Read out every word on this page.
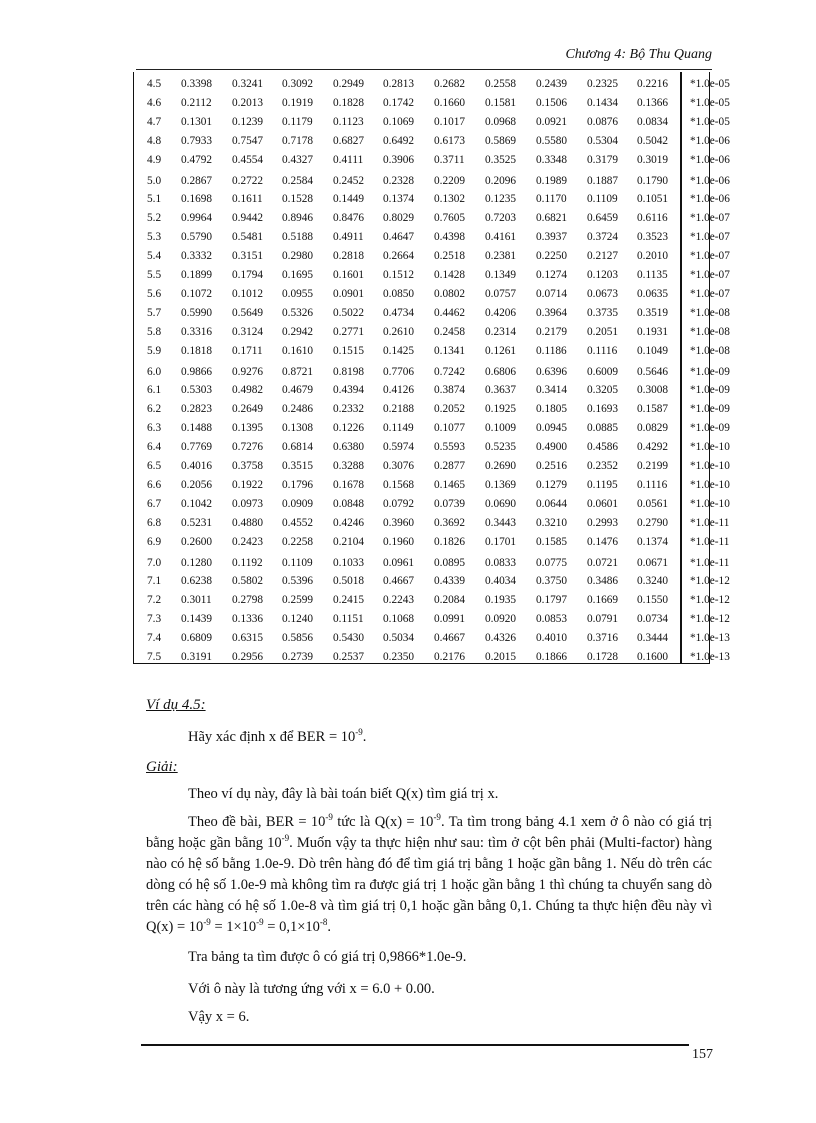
Chương 4: Bộ Thu Quang
4.5 0.3398 0.3241 0.3092 0.2949 0.2813 0.2682 0.2558 0.2439 0.2325 0.2216 *1.0e-05
4.6 0.2112 0.2013 0.1919 0.1828 0.1742 0.1660 0.1581 0.1506 0.1434 0.1366 *1.0e-05
4.7 0.1301 0.1239 0.1179 0.1123 0.1069 0.1017 0.0968 0.0921 0.0876 0.0834 *1.0e-05
4.8 0.7933 0.7547 0.7178 0.6827 0.6492 0.6173 0.5869 0.5580 0.5304 0.5042 *1.0e-06
4.9 0.4792 0.4554 0.4327 0.4111 0.3906 0.3711 0.3525 0.3348 0.3179 0.3019 *1.0e-06
5.0 0.2867 0.2722 0.2584 0.2452 0.2328 0.2209 0.2096 0.1989 0.1887 0.1790 *1.0e-06
5.1 0.1698 0.1611 0.1528 0.1449 0.1374 0.1302 0.1235 0.1170 0.1109 0.1051 *1.0e-06
5.2 0.9964 0.9442 0.8946 0.8476 0.8029 0.7605 0.7203 0.6821 0.6459 0.6116 *1.0e-07
5.3 0.5790 0.5481 0.5188 0.4911 0.4647 0.4398 0.4161 0.3937 0.3724 0.3523 *1.0e-07
5.4 0.3332 0.3151 0.2980 0.2818 0.2664 0.2518 0.2381 0.2250 0.2127 0.2010 *1.0e-07
5.5 0.1899 0.1794 0.1695 0.1601 0.1512 0.1428 0.1349 0.1274 0.1203 0.1135 *1.0e-07
5.6 0.1072 0.1012 0.0955 0.0901 0.0850 0.0802 0.0757 0.0714 0.0673 0.0635 *1.0e-07
5.7 0.5990 0.5649 0.5326 0.5022 0.4734 0.4462 0.4206 0.3964 0.3735 0.3519 *1.0e-08
5.8 0.3316 0.3124 0.2942 0.2771 0.2610 0.2458 0.2314 0.2179 0.2051 0.1931 *1.0e-08
5.9 0.1818 0.1711 0.1610 0.1515 0.1425 0.1341 0.1261 0.1186 0.1116 0.1049 *1.0e-08
6.0 0.9866 0.9276 0.8721 0.8198 0.7706 0.7242 0.6806 0.6396 0.6009 0.5646 *1.0e-09
6.1 0.5303 0.4982 0.4679 0.4394 0.4126 0.3874 0.3637 0.3414 0.3205 0.3008 *1.0e-09
6.2 0.2823 0.2649 0.2486 0.2332 0.2188 0.2052 0.1925 0.1805 0.1693 0.1587 *1.0e-09
6.3 0.1488 0.1395 0.1308 0.1226 0.1149 0.1077 0.1009 0.0945 0.0885 0.0829 *1.0e-09
6.4 0.7769 0.7276 0.6814 0.6380 0.5974 0.5593 0.5235 0.4900 0.4586 0.4292 *1.0e-10
6.5 0.4016 0.3758 0.3515 0.3288 0.3076 0.2877 0.2690 0.2516 0.2352 0.2199 *1.0e-10
6.6 0.2056 0.1922 0.1796 0.1678 0.1568 0.1465 0.1369 0.1279 0.1195 0.1116 *1.0e-10
6.7 0.1042 0.0973 0.0909 0.0848 0.0792 0.0739 0.0690 0.0644 0.0601 0.0561 *1.0e-10
6.8 0.5231 0.4880 0.4552 0.4246 0.3960 0.3692 0.3443 0.3210 0.2993 0.2790 *1.0e-11
6.9 0.2600 0.2423 0.2258 0.2104 0.1960 0.1826 0.1701 0.1585 0.1476 0.1374 *1.0e-11
7.0 0.1280 0.1192 0.1109 0.1033 0.0961 0.0895 0.0833 0.0775 0.0721 0.0671 *1.0e-11
7.1 0.6238 0.5802 0.5396 0.5018 0.4667 0.4339 0.4034 0.3750 0.3486 0.3240 *1.0e-12
7.2 0.3011 0.2798 0.2599 0.2415 0.2243 0.2084 0.1935 0.1797 0.1669 0.1550 *1.0e-12
7.3 0.1439 0.1336 0.1240 0.1151 0.1068 0.0991 0.0920 0.0853 0.0791 0.0734 *1.0e-12
7.4 0.6809 0.6315 0.5856 0.5430 0.5034 0.4667 0.4326 0.4010 0.3716 0.3444 *1.0e-13
7.5 0.3191 0.2956 0.2739 0.2537 0.2350 0.2176 0.2015 0.1866 0.1728 0.1600 *1.0e-13
Ví dụ 4.5:
Hãy xác định x để BER = $10^{-9}$.
Giải:
Theo ví dụ này, đây là bài toán biết Q(x) tìm giá trị x.
Theo đề bài, BER = $10^{-9}$ tức là $Q(x) = 10^{-9}$. Ta tìm trong bảng 4.1 xem ở ô nào có giá trị bằng hoặc gần bằng $10^{-9}$. Muốn vậy ta thực hiện như sau: tìm ở cột bên phải (Multi-factor) hàng nào có hệ số bằng 1.0e-9. Dò trên hàng đó để tìm giá trị bằng 1 hoặc gần bằng 1. Nếu dò trên các dòng có hệ số 1.0e-9 mà không tìm ra được giá trị 1 hoặc gần bằng 1 thì chúng ta chuyển sang dò trên các hàng có hệ số 1.0e-8 và tìm giá trị 0,1 hoặc gần bằng 0,1. Chúng ta thực hiện đều này vì $Q(x) = 10^{-9} = 1\times 10^{-9} = 0,1\times 10^{-8}$.
Tra bảng ta tìm được ô có giá trị 0,9866*1.0e-9.
Với ô này là tương ứng với x = 6.0 + 0.00.
Vậy x = 6.
157
